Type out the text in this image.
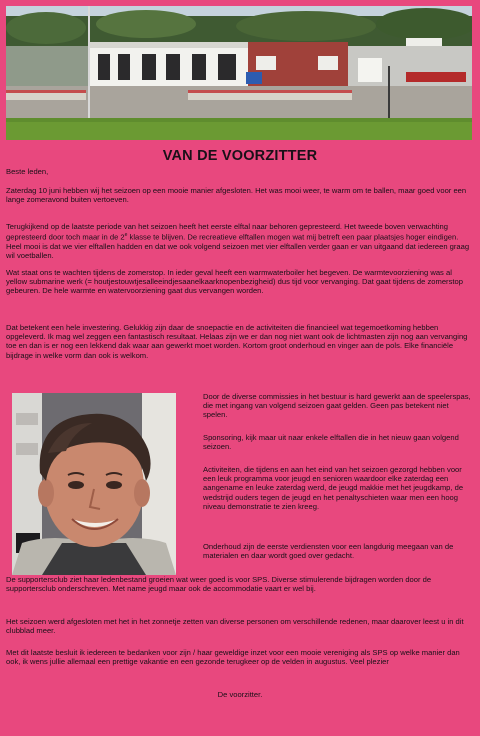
VAN DE VOORZITTER

Beste leden,

Zaterdag 10 juni hebben wij het seizoen op een mooie manier afgesloten. Het was mooi weer, te warm om te ballen, maar goed voor een lange zomeravond buiten vertoeven.

Terugkijkend op de laatste periode van het seizoen heeft het eerste elftal naar behoren gepresteerd. Het tweede boven verwachting gepresteerd door toch maar in de 2e klasse te blijven. De recreatieve elftallen mogen wat mij betreft een paar plaatsjes hoger eindigen. Heel mooi is dat we vier elftallen hadden en dat we ook volgend seizoen met vier elftallen verder gaan er van uitgaand dat iedereen graag wil voetballen.

Wat staat ons te wachten tijdens de zomerstop. In ieder geval heeft een warmwaterboiler het begeven. De warmtevoorziening was al yellow submarine werk (= houtjestouwtjesalleeindjesaanelkaarknopenbezigheid) dus tijd voor vervanging. Dat gaat tijdens de zomerstop gebeuren. De hele warmte en watervoorziening gaat dus vervangen worden.

Dat betekent een hele investering. Gelukkig zijn daar de snoepactie en de activiteiten die financieel wat tegemoetkoming hebben opgeleverd. Ik mag wel zeggen een fantastisch resultaat. Helaas zijn we er dan nog niet want ook de lichtmasten zijn nog aan vervanging toe en dan is er nog een lekkend dak waar aan gewerkt moet worden. Kortom groot onderhoud en vinger aan de pols. Elke financiële bijdrage in welke vorm dan ook is welkom.

Door de diverse commissies in het bestuur is hard gewerkt aan de speelerspas, die met ingang van volgend seizoen gaat gelden. Geen pas betekent niet spelen.

Sponsoring, kijk maar uit naar enkele elftallen die in het nieuw gaan volgend seizoen.

Activiteiten, die tijdens en aan het eind van het seizoen gezorgd hebben voor een leuk programma voor jeugd en senioren waardoor elke zaterdag een aangename en leuke zaterdag werd, de jeugd makkie met het jeugdkamp, de wedstrijd ouders tegen de jeugd en het penaltyschieten waar men een hoog niveau demonstratie te zien kreeg.

Onderhoud zijn de eerste verdiensten voor een langdurig meegaan van de materialen en daar wordt goed over gedacht.

De supportersclub ziet haar ledenbestand groeien wat weer goed is voor SPS. Diverse stimulerende bijdragen worden door de supportersclub onderschreven. Met name jeugd maar ook de accommodatie vaart er wel bij.

Het seizoen werd afgesloten met het in het zonnetje zetten van diverse personen om verschillende redenen, maar daarover leest u in dit clubblad meer.

Met dit laatste besluit ik iedereen te bedanken voor zijn / haar geweldige inzet voor een mooie vereniging als SPS op welke manier dan ook, ik wens jullie allemaal een prettige vakantie en een gezonde terugkeer op de velden in augustus. Veel plezier

De voorzitter.
